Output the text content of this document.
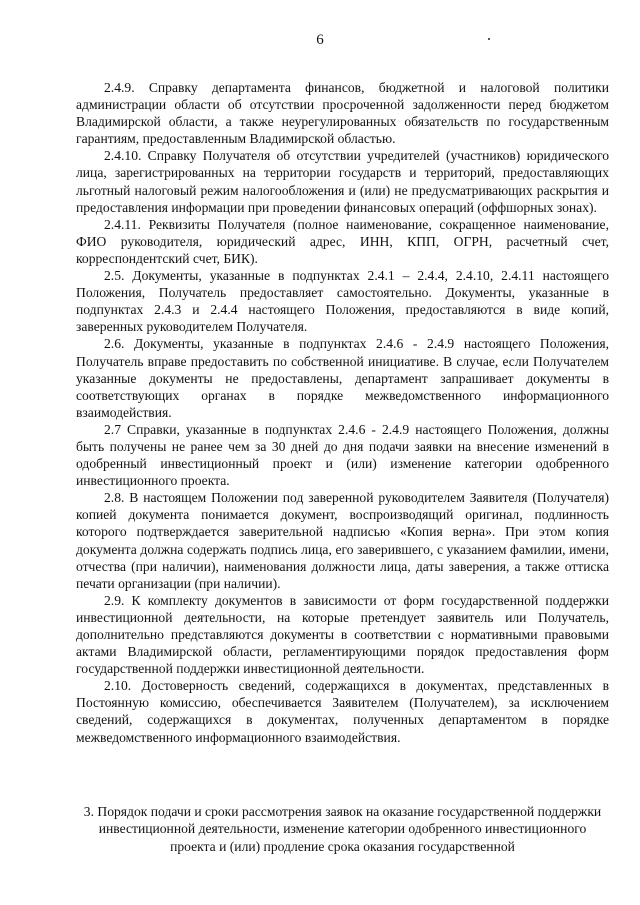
6

2.4.9. Справку департамента финансов, бюджетной и налоговой политики администрации области об отсутствии просроченной задолженности перед бюджетом Владимирской области, а также неурегулированных обязательств по государственным гарантиям, предоставленным Владимирской областью.

2.4.10. Справку Получателя об отсутствии учредителей (участников) юридического лица, зарегистрированных на территории государств и территорий, предоставляющих льготный налоговый режим налогообложения и (или) не предусматривающих раскрытия и предоставления информации при проведении финансовых операций (оффшорных зонах).

2.4.11. Реквизиты Получателя (полное наименование, сокращенное наименование, ФИО руководителя, юридический адрес, ИНН, КПП, ОГРН, расчетный счет, корреспондентский счет, БИК).

2.5. Документы, указанные в подпунктах 2.4.1 – 2.4.4, 2.4.10, 2.4.11 настоящего Положения, Получатель предоставляет самостоятельно. Документы, указанные в подпунктах 2.4.3 и 2.4.4 настоящего Положения, предоставляются в виде копий, заверенных руководителем Получателя.

2.6. Документы, указанные в подпунктах 2.4.6 - 2.4.9 настоящего Положения, Получатель вправе предоставить по собственной инициативе. В случае, если Получателем указанные документы не предоставлены, департамент запрашивает документы в соответствующих органах в порядке межведомственного информационного взаимодействия.

2.7 Справки, указанные в подпунктах 2.4.6 - 2.4.9 настоящего Положения, должны быть получены не ранее чем за 30 дней до дня подачи заявки на внесение изменений в одобренный инвестиционный проект и (или) изменение категории одобренного инвестиционного проекта.

2.8. В настоящем Положении под заверенной руководителем Заявителя (Получателя) копией документа понимается документ, воспроизводящий оригинал, подлинность которого подтверждается заверительной надписью «Копия верна». При этом копия документа должна содержать подпись лица, его заверившего, с указанием фамилии, имени, отчества (при наличии), наименования должности лица, даты заверения, а также оттиска печати организации (при наличии).

2.9. К комплекту документов в зависимости от форм государственной поддержки инвестиционной деятельности, на которые претендует заявитель или Получатель, дополнительно представляются документы в соответствии с нормативными правовыми актами Владимирской области, регламентирующими порядок предоставления форм государственной поддержки инвестиционной деятельности.

2.10. Достоверность сведений, содержащихся в документах, представленных в Постоянную комиссию, обеспечивается Заявителем (Получателем), за исключением сведений, содержащихся в документах, полученных департаментом в порядке межведомственного информационного взаимодействия.

3. Порядок подачи и сроки рассмотрения заявок на оказание государственной поддержки инвестиционной деятельности, изменение категории одобренного инвестиционного проекта и (или) продление срока оказания государственной
